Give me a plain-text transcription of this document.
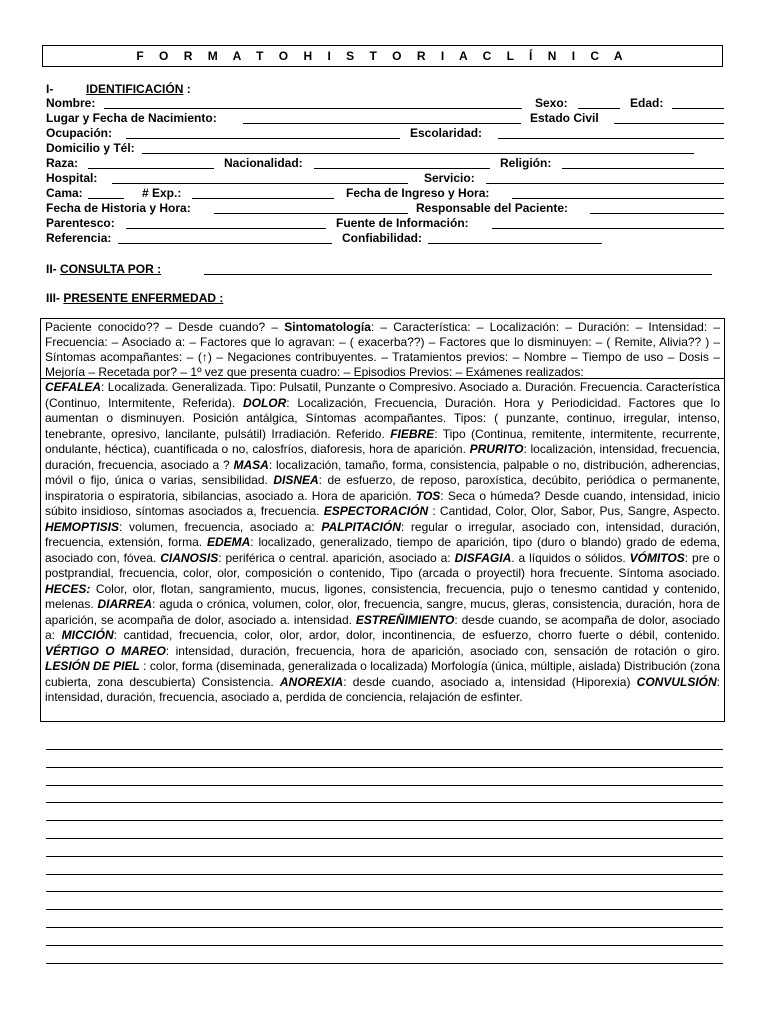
F O R M A T O H I S T O R I A C L Í N I C A
I-	IDENTIFICACIÓN :
Nombre:	Sexo:	Edad:
Lugar y Fecha de Nacimiento:	Estado Civil
Ocupación:	Escolaridad:
Domicilio y Tél:
Raza:	Nacionalidad:	Religión:
Hospital:	Servicio:
Cama:	# Exp.:	Fecha de Ingreso y Hora:
Fecha de Historia y Hora:	Responsable del Paciente:
Parentesco:	Fuente de Información:
Referencia:	Confiabilidad:
II- CONSULTA POR :
III- PRESENTE ENFERMEDAD :
Paciente conocido?? – Desde cuando? – Sintomatología: – Característica: – Localización: – Duración: – Intensidad: – Frecuencia: – Asociado a: – Factores que lo agravan: – ( exacerba??) – Factores que lo disminuyen: – ( Remite, Alivia?? ) – Síntomas acompañantes: – (↑) – Negaciones contribuyentes. – Tratamientos previos: – Nombre – Tiempo de uso – Dosis – Mejoría – Recetada por? – 1º vez que presenta cuadro: – Episodios Previos: – Exámenes realizados:
CEFALEA: Localizada. Generalizada. Tipo: Pulsatil, Punzante o Compresivo. Asociado a. Duración. Frecuencia. Característica (Continuo, Intermitente, Referida). DOLOR: Localización, Frecuencia, Duración. Hora y Periodicidad. Factores que lo aumentan o disminuyen. Posición antálgica, Síntomas acompañantes. Tipos: ( punzante, continuo, irregular, intenso, tenebrante, opresivo, lancilante, pulsátil) Irradiación. Referido. FIEBRE: Tipo (Continua, remitente, intermitente, recurrente, ondulante, héctica), cuantificada o no, calosfríos, diaforesis, hora de aparición. PRURITO: localización, intensidad, frecuencia, duración, frecuencia, asociado a ? MASA: localización, tamaño, forma, consistencia, palpable o no, distribución, adherencias, móvil o fijo, única o varias, sensibilidad. DISNEA: de esfuerzo, de reposo, paroxística, decúbito, periódica o permanente, inspiratoria o espiratoria, sibilancias, asociado a. Hora de aparición. TOS: Seca o húmeda? Desde cuando, intensidad, inicio súbito insidioso, síntomas asociados a, frecuencia. ESPECTORACIÓN : Cantidad, Color, Olor, Sabor, Pus, Sangre, Aspecto. HEMOPTISIS: volumen, frecuencia, asociado a: PALPITACIÓN: regular o irregular, asociado con, intensidad, duración, frecuencia, extensión, forma. EDEMA: localizado, generalizado, tiempo de aparición, tipo (duro o blando) grado de edema, asociado con, fóvea. CIANOSIS: periférica o central. aparición, asociado a: DISFAGIA. a líquidos o sólidos. VÓMITOS: pre o postprandial, frecuencia, color, olor, composición o contenido, Tipo (arcada o proyectil) hora frecuente. Síntoma asociado. HECES: Color, olor, flotan, sangramiento, mucus, ligones, consistencia, frecuencia, pujo o tenesmo cantidad y contenido, melenas. DIARREA: aguda o crónica, volumen, color, olor, frecuencia, sangre, mucus, gleras, consistencia, duración, hora de aparición, se acompaña de dolor, asociado a. intensidad. ESTREÑIMIENTO: desde cuando, se acompaña de dolor, asociado a: MICCIÓN: cantidad, frecuencia, color, olor, ardor, dolor, incontinencia, de esfuerzo, chorro fuerte o débil, contenido. VÉRTIGO O MAREO: intensidad, duración, frecuencia, hora de aparición, asociado con, sensación de rotación o giro. LESIÓN DE PIEL : color, forma (diseminada, generalizada o localizada) Morfología (única, múltiple, aislada) Distribución (zona cubierta, zona descubierta) Consistencia. ANOREXIA: desde cuando, asociado a, intensidad (Hiporexia) CONVULSIÓN: intensidad, duración, frecuencia, asociado a, perdida de conciencia, relajación de esfinter.
